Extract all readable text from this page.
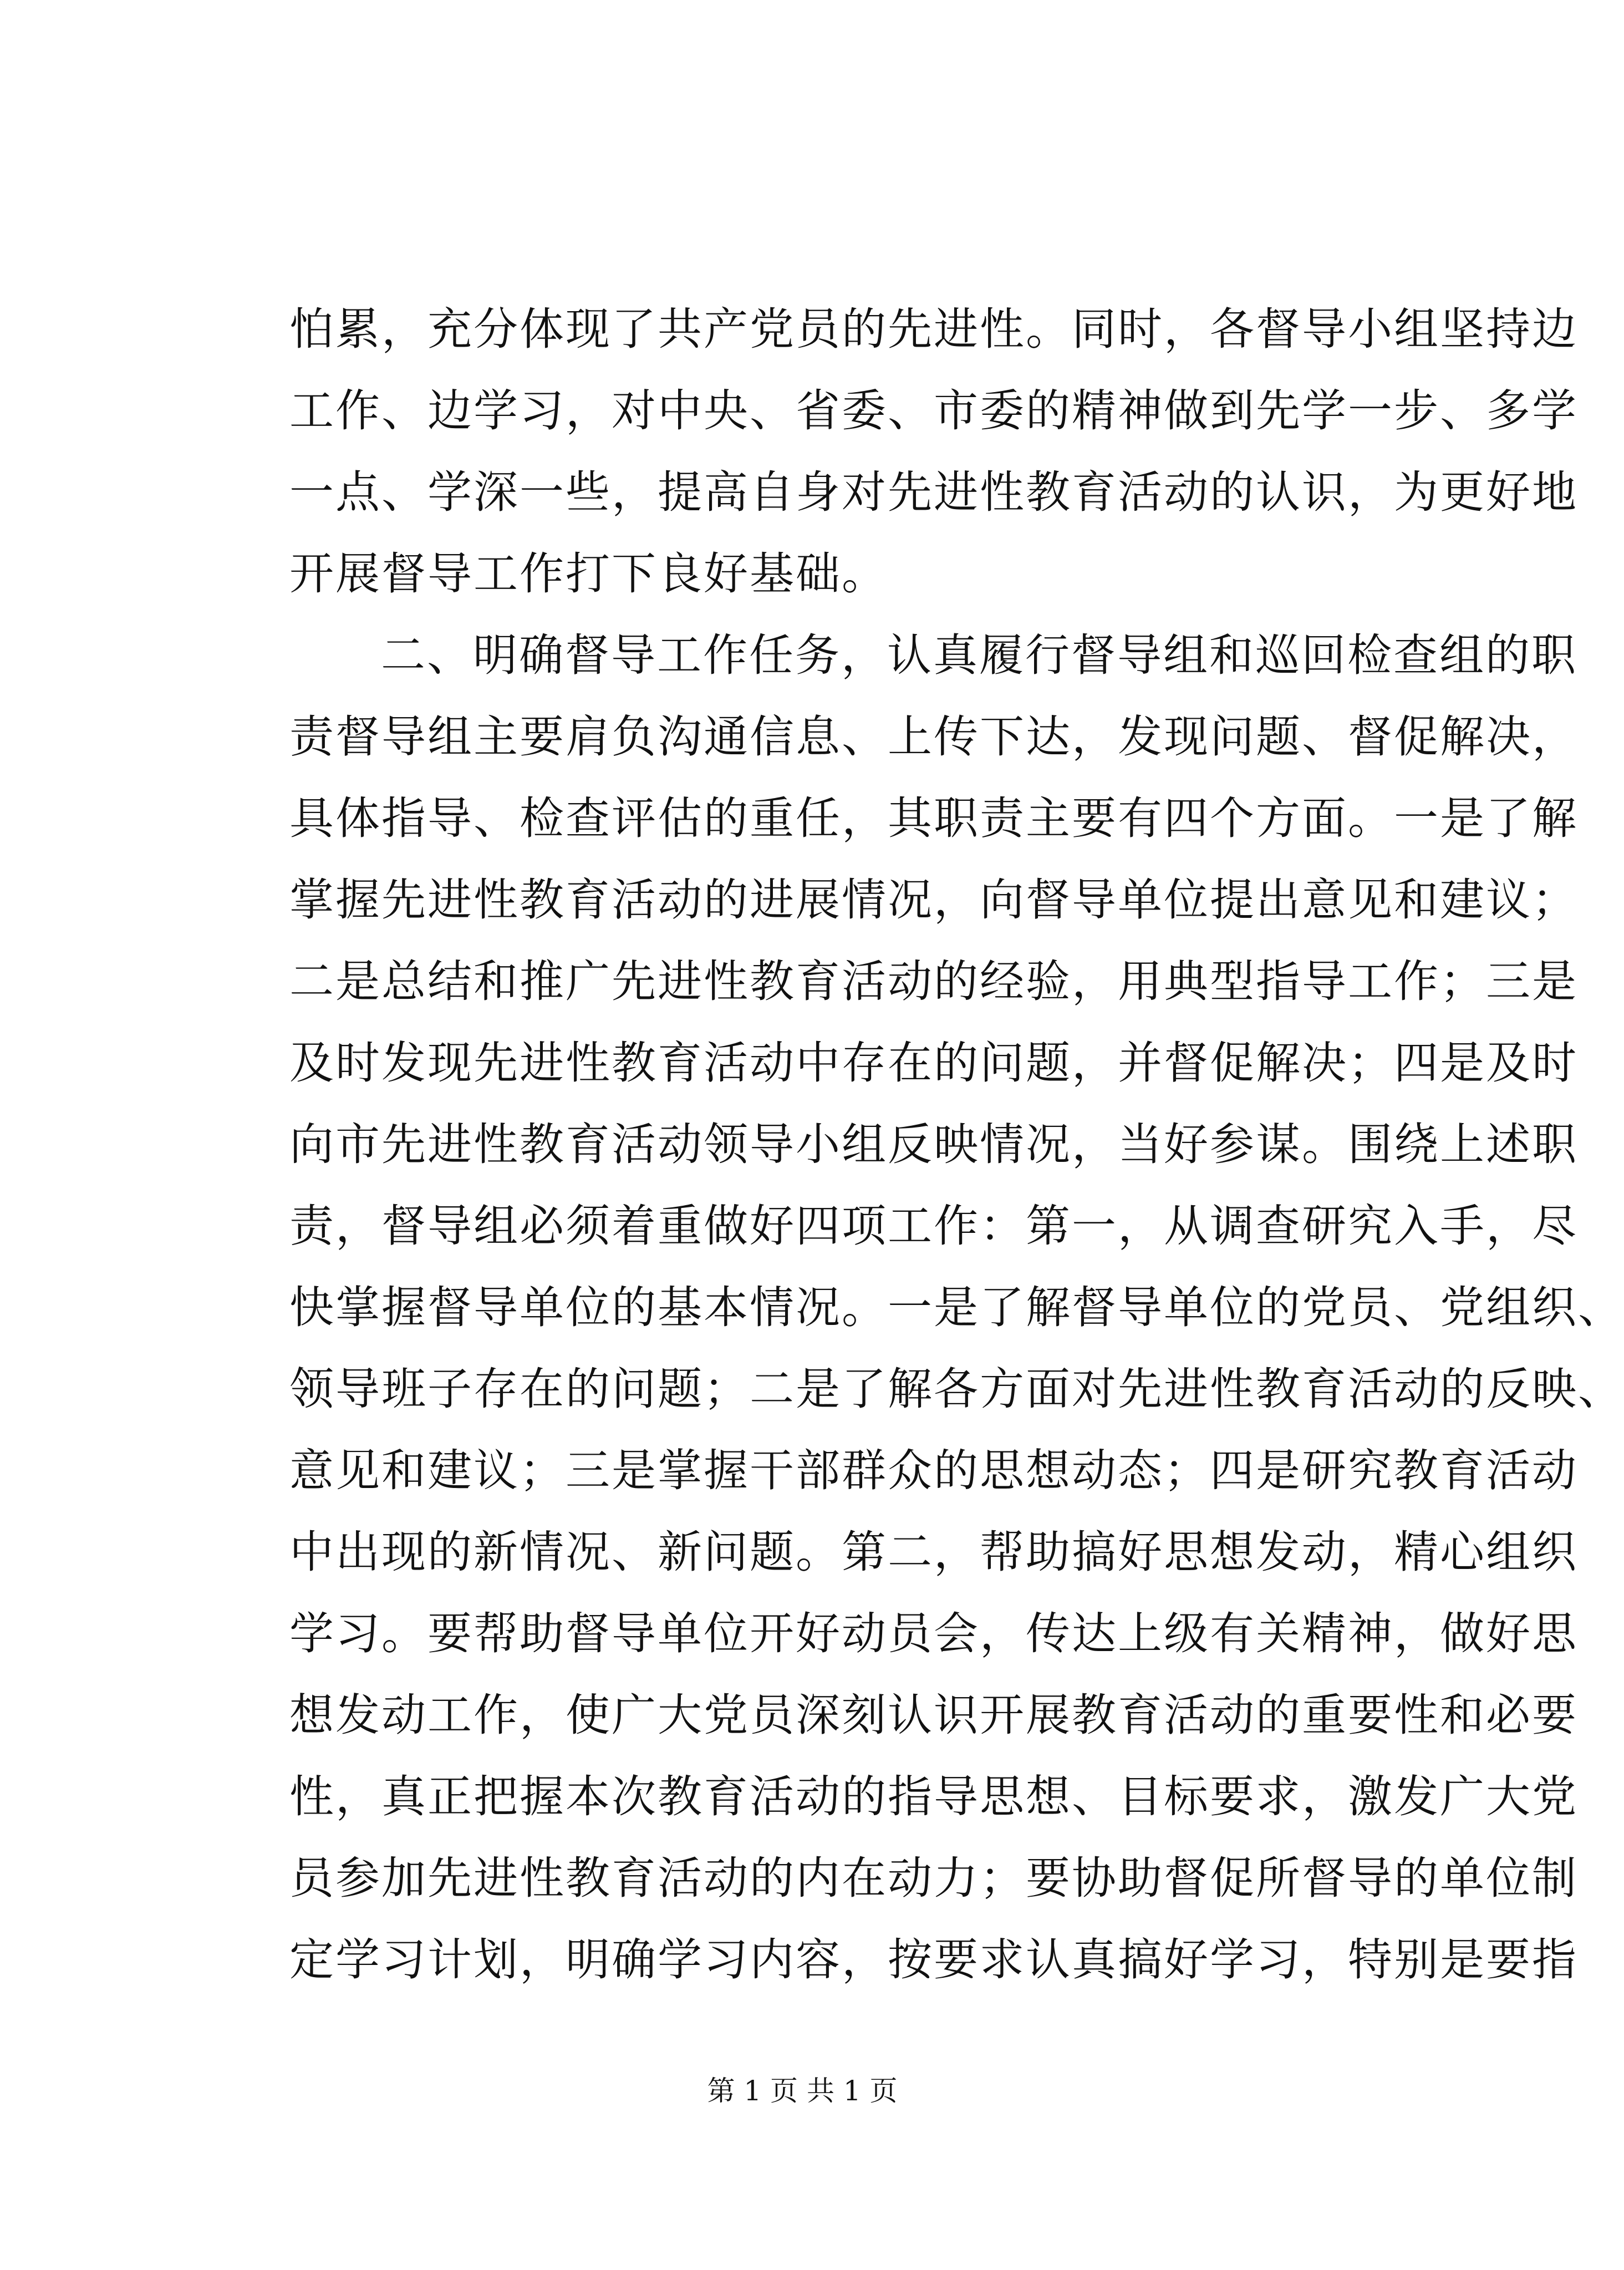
怕累，充分体现了共产党员的先进性。同时，各督导小组坚持边
工作、边学习，对中央、省委、市委的精神做到先学一步、多学
一点、学深一些，提高自身对先进性教育活动的认识，为更好地
开展督导工作打下良好基础。
二、明确督导工作任务，认真履行督导组和巡回检查组的职
责督导组主要肩负沟通信息、上传下达，发现问题、督促解决，
具体指导、检查评估的重任，其职责主要有四个方面。一是了解
掌握先进性教育活动的进展情况，向督导单位提出意见和建议；
二是总结和推广先进性教育活动的经验，用典型指导工作；三是
及时发现先进性教育活动中存在的问题，并督促解决；四是及时
向市先进性教育活动领导小组反映情况，当好参谋。围绕上述职
责，督导组必须着重做好四项工作：第一，从调查研究入手，尽
快掌握督导单位的基本情况。一是了解督导单位的党员、党组织、
领导班子存在的问题；二是了解各方面对先进性教育活动的反映、
意见和建议；三是掌握干部群众的思想动态；四是研究教育活动
中出现的新情况、新问题。第二，帮助搞好思想发动，精心组织
学习。要帮助督导单位开好动员会，传达上级有关精神，做好思
想发动工作，使广大党员深刻认识开展教育活动的重要性和必要
性，真正把握本次教育活动的指导思想、目标要求，激发广大党
员参加先进性教育活动的内在动力；要协助督促所督导的单位制
定学习计划，明确学习内容，按要求认真搞好学习，特别是要指
第 1 页 共 1 页
